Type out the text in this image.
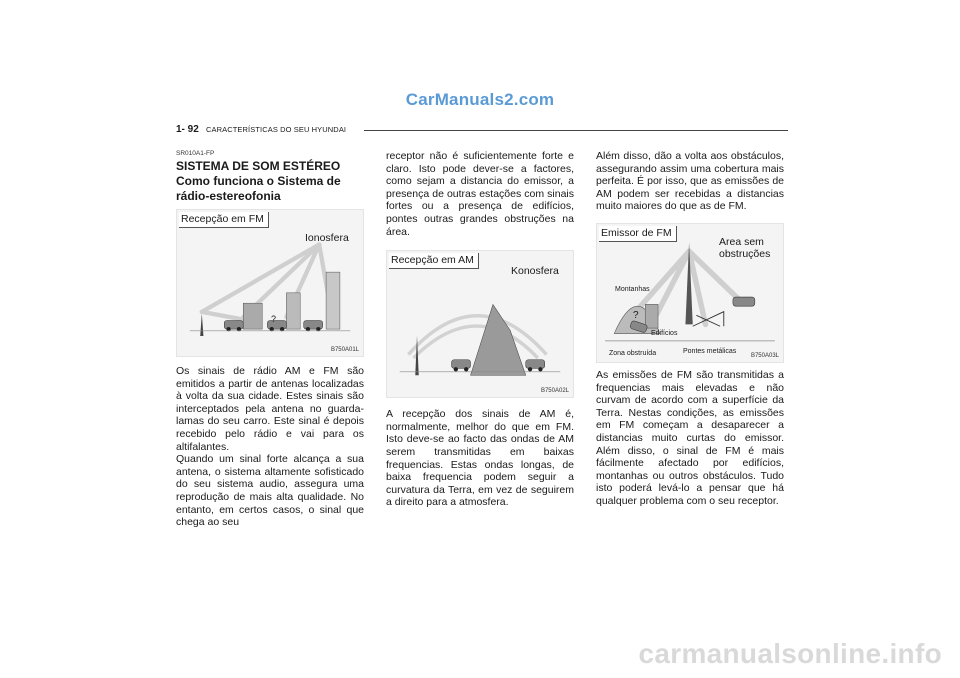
CarManuals2.com
1- 92 CARACTERÍSTICAS DO SEU HYUNDAI
SR010A1-FP
SISTEMA DE SOM ESTÉREO
Como funciona o Sistema de
rádio-estereofonia
Recepção em FM
Ionosfera
?
B750A01L

Os sinais de rádio AM e FM são emitidos a partir de antenas localizadas à volta da sua cidade. Estes sinais são interceptados pela antena no guarda-lamas do seu carro. Este sinal é depois recebido pelo rádio e vai para os altifalantes.

Quando um sinal forte alcança a sua antena, o sistema altamente sofisticado do seu sistema audio, assegura uma reprodução de mais alta qualidade. No entanto, em certos casos, o sinal que chega ao seu

receptor não é suficientemente forte e claro. Isto pode dever-se a factores, como sejam a distancia do emissor, a presença de outras estações com sinais fortes ou a presença de edifícios, pontes outras grandes obstruções na área.

Recepção em AM
Konosfera
B750A02L

A recepção dos sinais de AM é, normalmente, melhor do que em FM. Isto deve-se ao facto das ondas de AM serem transmitidas em baixas frequencias. Estas ondas longas, de baixa frequencia podem seguir a curvatura da Terra, em vez de seguirem a direito para a atmosfera.

Além disso, dão a volta aos obstáculos, assegurando assim uma cobertura mais perfeita. É por isso, que as emissões de AM podem ser recebidas a distancias muito maiores do que as de FM.

Emissor de FM
Area sem
obstruções
Montanhas
?
Edifícios
Zona obstruída	Pontes metálicas
B750A03L

As emissões de FM são transmitidas a frequencias mais elevadas e não curvam de acordo com a superfície da Terra. Nestas condições, as emissões em FM começam a desaparecer a distancias muito curtas do emissor. Além disso, o sinal de FM é mais fácilmente afectado por edifícios, montanhas ou outros obstáculos. Tudo isto poderá levá-lo a pensar que há qualquer problema com o seu receptor.

carmanualsonline.info
